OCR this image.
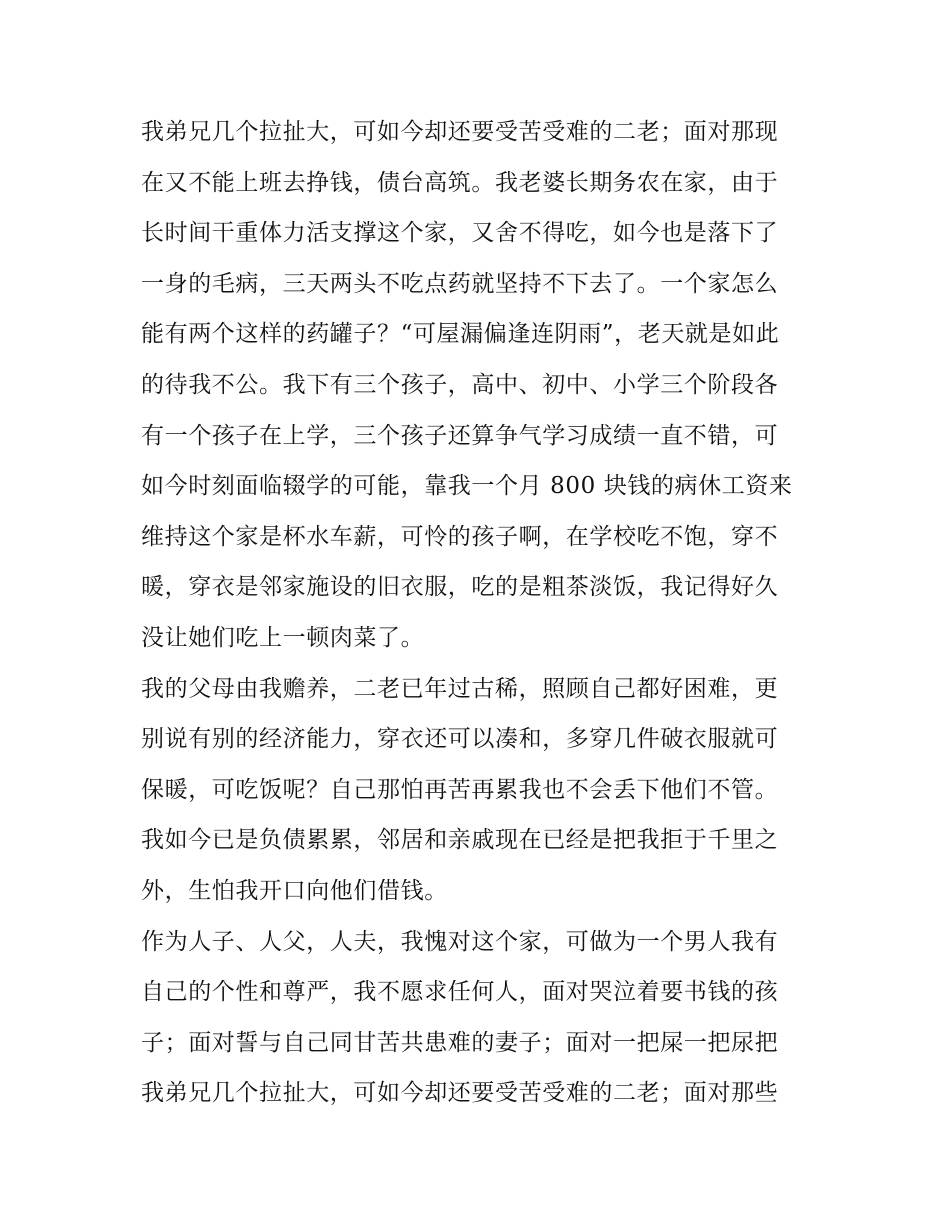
我弟兄几个拉扯大，可如今却还要受苦受难的二老；面对那现
在又不能上班去挣钱，债台高筑。我老婆长期务农在家，由于
长时间干重体力活支撑这个家，又舍不得吃，如今也是落下了
一身的毛病，三天两头不吃点药就坚持不下去了。一个家怎么
能有两个这样的药罐子？“可屋漏偏逢连阴雨”，老天就是如此
的待我不公。我下有三个孩子，高中、初中、小学三个阶段各
有一个孩子在上学，三个孩子还算争气学习成绩一直不错，可
如今时刻面临辍学的可能，靠我一个月 800 块钱的病休工资来
维持这个家是杯水车薪，可怜的孩子啊，在学校吃不饱，穿不
暖，穿衣是邻家施设的旧衣服，吃的是粗茶淡饭，我记得好久
没让她们吃上一顿肉菜了。
我的父母由我赡养，二老已年过古稀，照顾自己都好困难，更
别说有别的经济能力，穿衣还可以凑和，多穿几件破衣服就可
保暖，可吃饭呢？自己那怕再苦再累我也不会丢下他们不管。
我如今已是负债累累，邻居和亲戚现在已经是把我拒于千里之
外，生怕我开口向他们借钱。
作为人子、人父，人夫，我愧对这个家，可做为一个男人我有
自己的个性和尊严，我不愿求任何人，面对哭泣着要书钱的孩
子；面对誓与自己同甘苦共患难的妻子；面对一把屎一把尿把
我弟兄几个拉扯大，可如今却还要受苦受难的二老；面对那些
